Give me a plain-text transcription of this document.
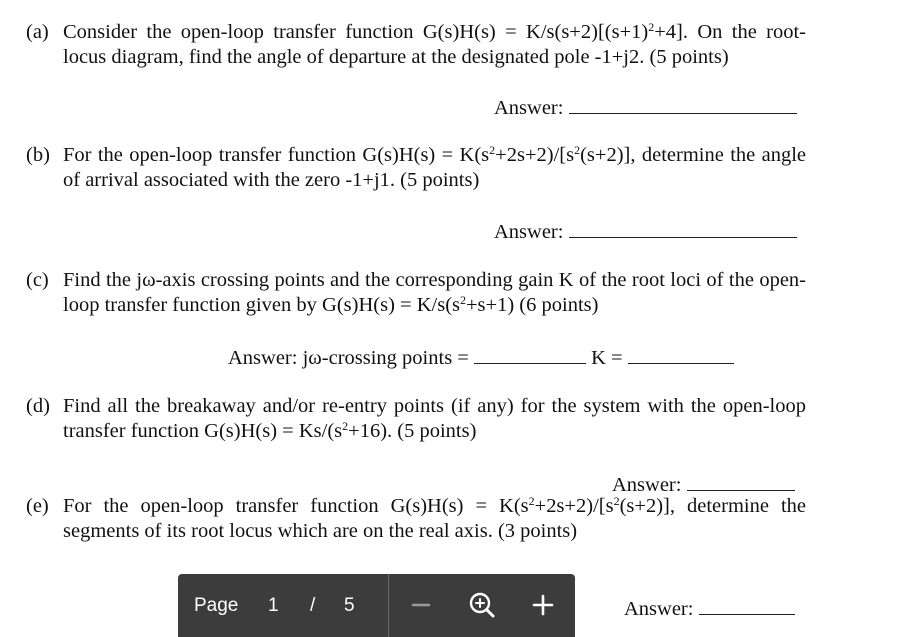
(a) Consider the open-loop transfer function $G(s)H(s) = K/s(s+2)[(s+1)^2+4]$. On the root-locus diagram, find the angle of departure at the designated pole -1+j2. (5 points)
Answer:
(b) For the open-loop transfer function $G(s)H(s) = K(s^2+2s+2)/[s^2(s+2)]$, determine the angle of arrival associated with the zero -1+j1. (5 points)
Answer:
(c) Find the jω-axis crossing points and the corresponding gain K of the root loci of the open-loop transfer function given by $G(s)H(s) = K/s(s^2+s+1)$ (6 points)
Answer: jω-crossing points =	K =
(d) Find all the breakaway and/or re-entry points (if any) for the system with the open-loop transfer function $G(s)H(s) = Ks/(s^2+16)$. (5 points)
Answer:
(e) For the open-loop transfer function $G(s)H(s) = K(s^2+2s+2)/[s^2(s+2)]$, determine the segments of its root locus which are on the real axis. (3 points)
Answer:
Page 1 / 5
